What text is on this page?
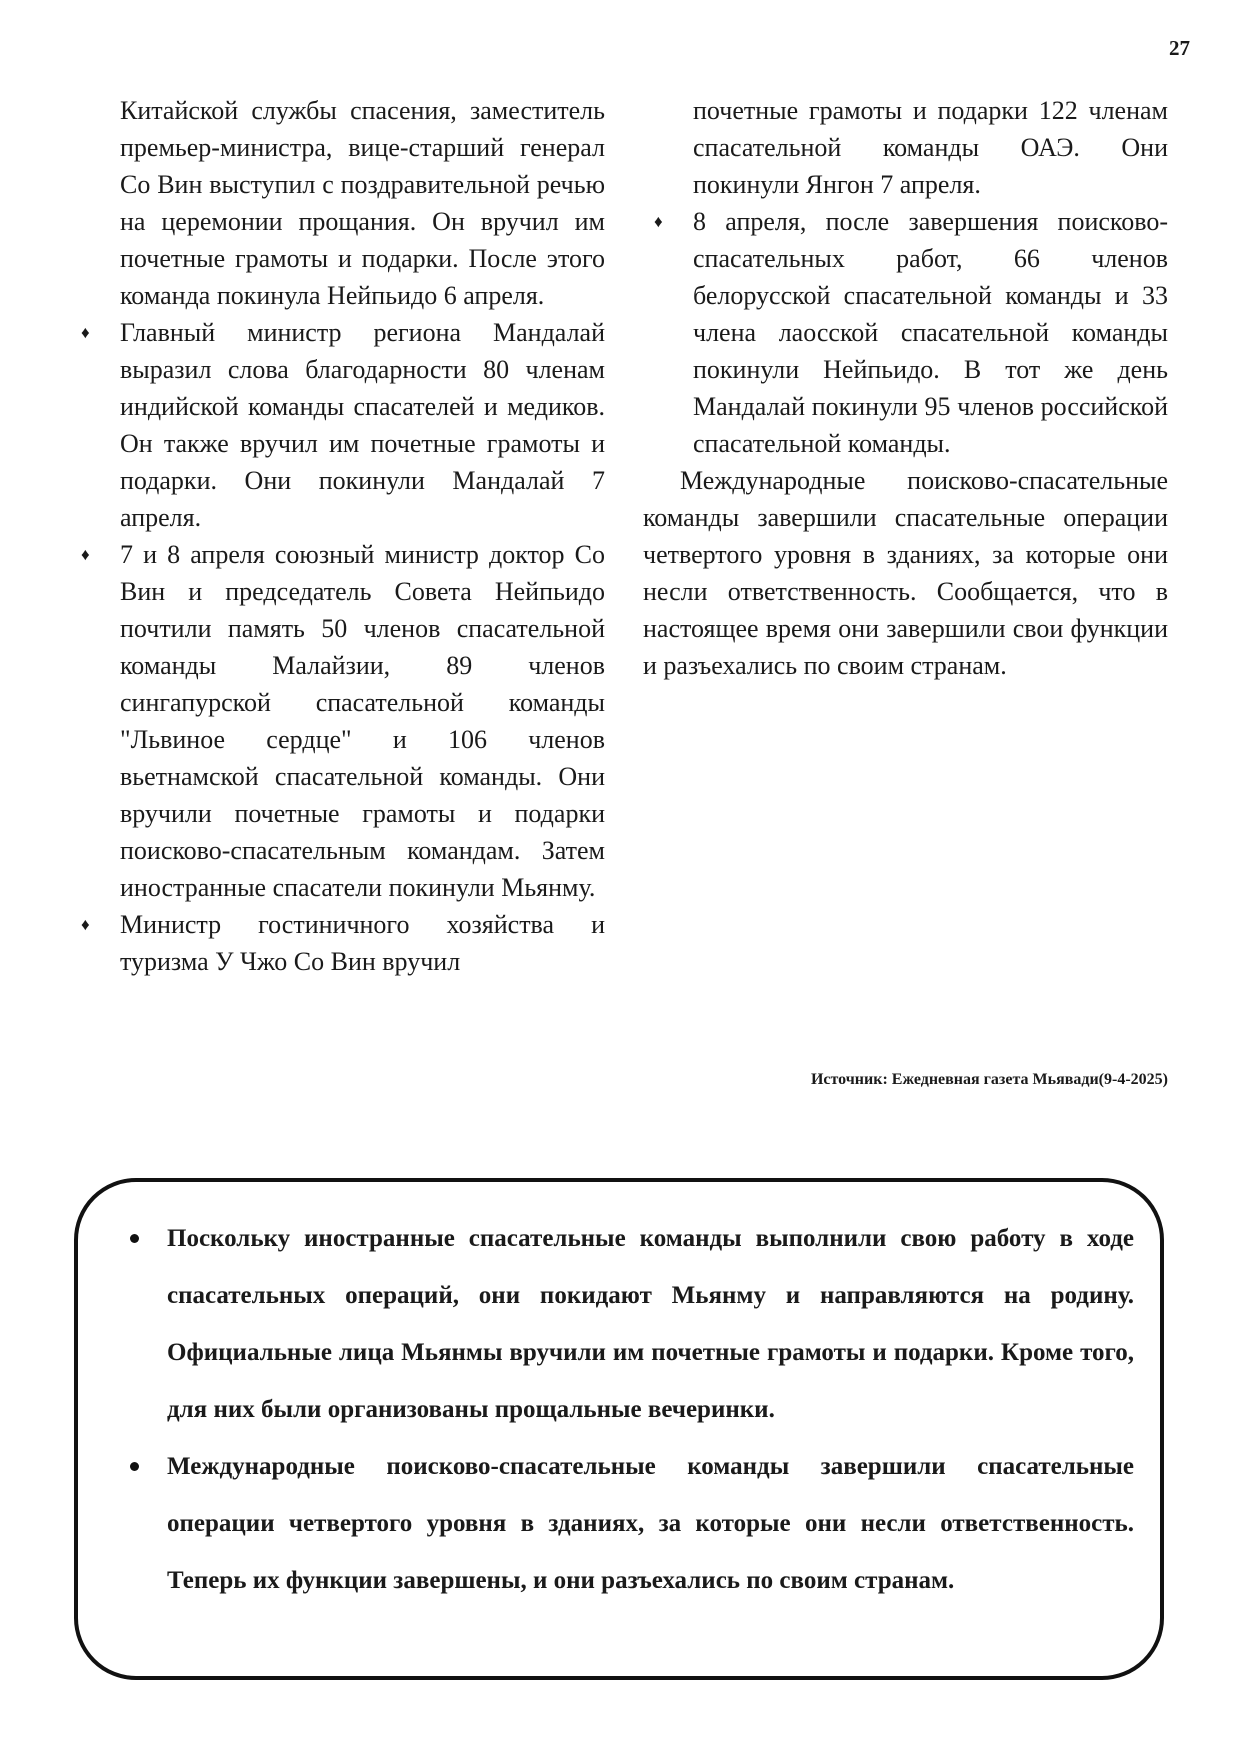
27

Китайской службы спасения, заместитель премьер-министра, вице-старший генерал Со Вин выступил с поздравительной речью на церемонии прощания. Он вручил им почетные грамоты и подарки. После этого команда покинула Нейпьидо 6 апреля.

♦ Главный министр региона Мандалай выразил слова благодарности 80 членам индийской команды спасателей и медиков. Он также вручил им почетные грамоты и подарки. Они покинули Мандалай 7 апреля.

♦ 7 и 8 апреля союзный министр доктор Со Вин и председатель Совета Нейпьидо почтили память 50 членов спасательной команды Малайзии, 89 членов сингапурской спасательной команды "Львиное сердце" и 106 членов вьетнамской спасательной команды. Они вручили почетные грамоты и подарки поисково-спасательным командам. Затем иностранные спасатели покинули Мьянму.

♦ Министр гостиничного хозяйства и туризма У Чжо Со Вин вручил

почетные грамоты и подарки 122 членам спасательной команды ОАЭ. Они покинули Янгон 7 апреля.

♦ 8 апреля, после завершения поисково-спасательных работ, 66 членов белорусской спасательной команды и 33 члена лаосской спасательной команды покинули Нейпьидо. В тот же день Мандалай покинули 95 членов российской спасательной команды.

Международные поисково-спасательные команды завершили спасательные операции четвертого уровня в зданиях, за которые они несли ответственность. Сообщается, что в настоящее время они завершили свои функции и разъехались по своим странам.

Источник: Ежедневная газета Мьявади(9-4-2025)
Поскольку иностранные спасательные команды выполнили свою работу в ходе спасательных операций, они покидают Мьянму и направляются на родину. Официальные лица Мьянмы вручили им почетные грамоты и подарки. Кроме того, для них были организованы прощальные вечеринки.
Международные поисково-спасательные команды завершили спасательные операции четвертого уровня в зданиях, за которые они несли ответственность. Теперь их функции завершены, и они разъехались по своим странам.
